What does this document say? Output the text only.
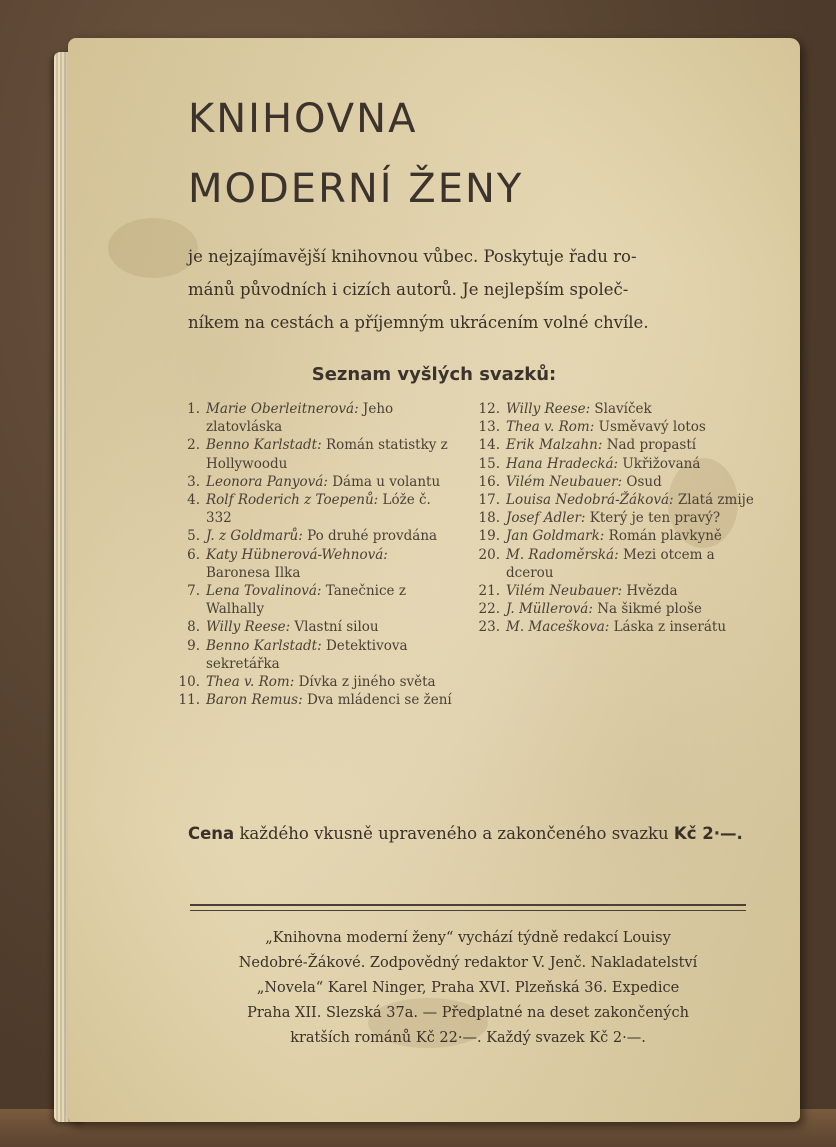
KNIHOVNA
MODERNÍ ŽENY

je nejzajímavější knihovnou vůbec. Poskytuje řadu ro-
mánů původních i cizích autorů. Je nejlepším společ-
níkem na cestách a příjemným ukrácením volné chvíle.

Seznam vyšlých svazků:
1. Marie Oberleitnerová: Jeho zlatovláska
2. Benno Karlstadt: Román statistky z Hollywoodu
3. Leonora Panyová: Dáma u volantu
4. Rolf Roderich z Toepenů: Lóže č. 332
5. J. z Goldmarů: Po druhé provdána
6. Katy Hübnerová-Wehnová: Baronesa Ilka
7. Lena Tovalinová: Tanečnice z Walhally
8. Willy Reese: Vlastní silou
9. Benno Karlstadt: Detektivova sekretářka
10. Thea v. Rom: Dívka z jiného světa
11. Baron Remus: Dva mládenci se žení
12. Willy Reese: Slavíček
13. Thea v. Rom: Usměvavý lotos
14. Erik Malzahn: Nad propastí
15. Hana Hradecká: Ukřižovaná
16. Vilém Neubauer: Osud
17. Louisa Nedobrá-Žáková: Zlatá zmije
18. Josef Adler: Který je ten pravý?
19. Jan Goldmark: Román plavkyně
20. M. Radoměrská: Mezi otcem a dcerou
21. Vilém Neubauer: Hvězda
22. J. Müllerová: Na šikmé ploše
23. M. Maceškova: Láska z inserátu

Cena každého vkusně upraveného a zakončeného svazku Kč 2·—.

„Knihovna moderní ženy“ vychází týdně redakcí Louisy
Nedobré-Žákové. Zodpovědný redaktor V. Jenč. Nakladatelství
„Novela“ Karel Ninger, Praha XVI. Plzeňská 36. Expedice
Praha XII. Slezská 37a. — Předplatné na deset zakončených
kratších románů Kč 22·—. Každý svazek Kč 2·—.
